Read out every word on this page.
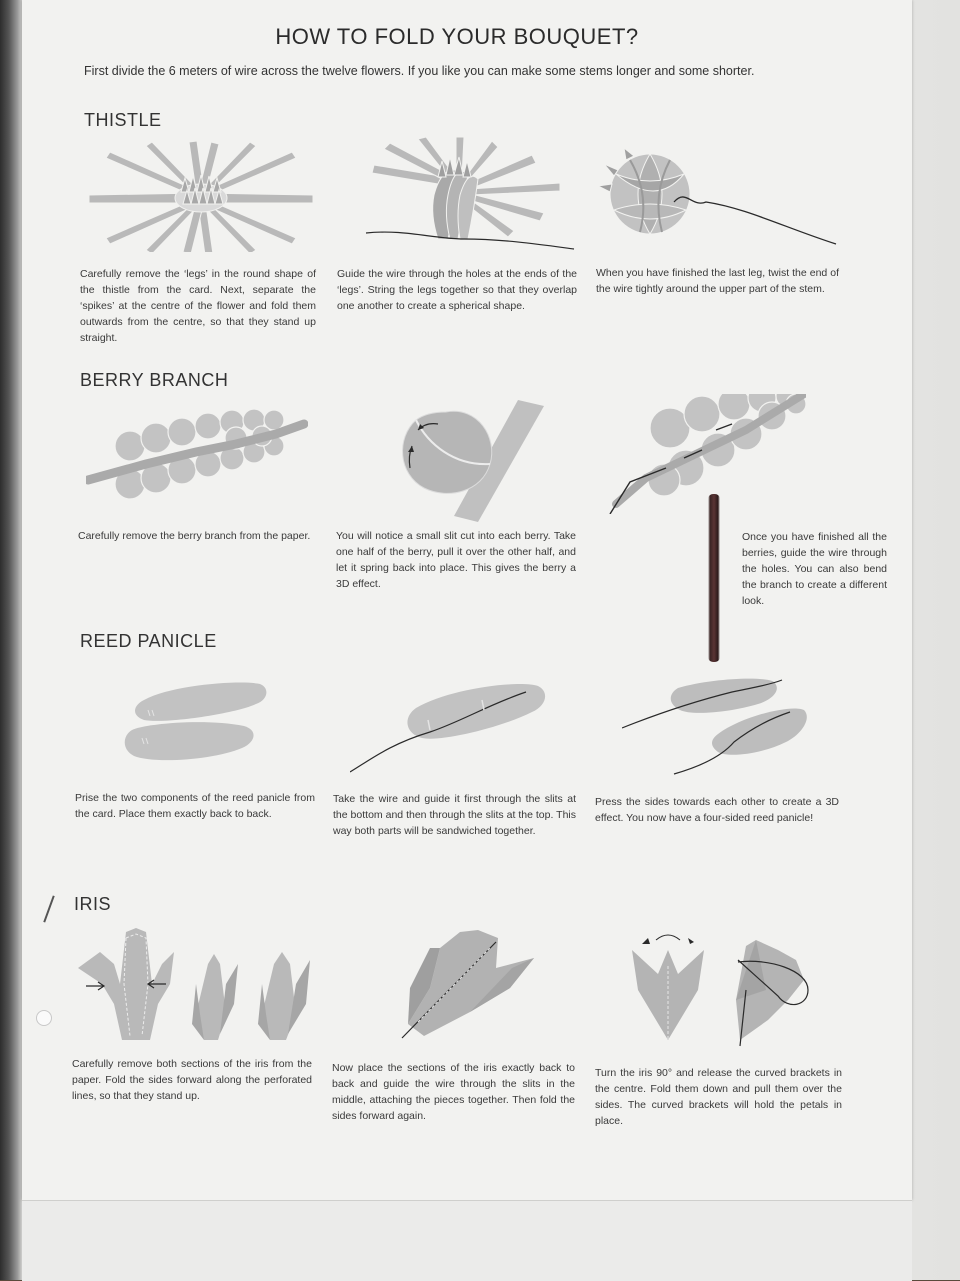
HOW TO FOLD YOUR BOUQUET?
First divide the 6 meters of wire across the twelve flowers. If you like you can make some stems longer and some shorter.
THISTLE
Carefully remove the ‘legs’ in the round shape of the thistle from the card. Next, separate the ‘spikes’ at the centre of the flower and fold them outwards from the centre, so that they stand up straight.
Guide the wire through the holes at the ends of the ‘legs’. String the legs together so that they overlap one another to create a spherical shape.
When you have finished the last leg, twist the end of the wire tightly around the upper part of the stem.
BERRY BRANCH
Carefully remove the berry branch from the paper.	You will notice a small slit cut into each berry. Take one half of the berry, pull it over the other half, and let it spring back into place. This gives the berry a 3D effect.
Once you have finished all the berries, guide the wire through the holes. You can also bend the branch to create a different look.
REED PANICLE
Prise the two components of the reed panicle from the card. Place them exactly back to back.
Take the wire and guide it first through the slits at the bottom and then through the slits at the top. This way both parts will be sandwiched together.
Press the sides towards each other to create a 3D effect. You now have a four-sided reed panicle!
IRIS
Carefully remove both sections of the iris from the paper. Fold the sides forward along the perforated lines, so that they stand up.
Now place the sections of the iris exactly back to back and guide the wire through the slits in the middle, attaching the pieces together. Then fold the sides forward again.
Turn the iris 90° and release the curved brackets in the centre. Fold them down and pull them over the sides. The curved brackets will hold the petals in place.
